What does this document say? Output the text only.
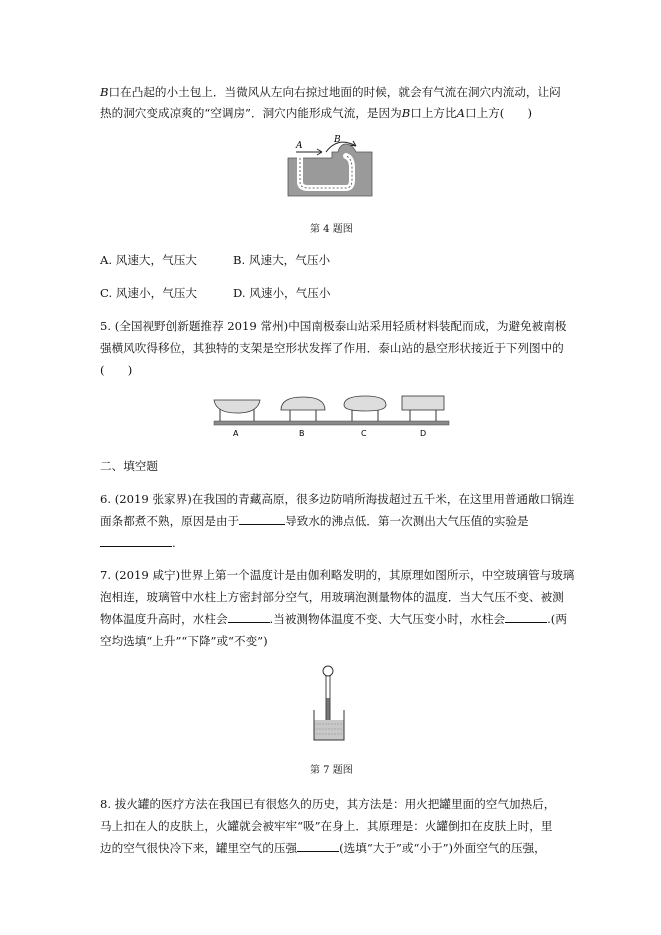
B口在凸起的小土包上．当微风从左向右掠过地面的时候，就会有气流在洞穴内流动，让闷
热的洞穴变成凉爽的“空调房”．洞穴内能形成气流，是因为B口上方比A口上方(　　)
A
B
第 4 题图
A. 风速大，气压大	B. 风速大，气压小
C. 风速小，气压大	D. 风速小，气压小
5. (全国视野创新题推荐 2019 常州)中国南极泰山站采用轻质材料装配而成，为避免被南极
强横风吹得移位，其独特的支架是空形状发挥了作用．泰山站的悬空形状接近于下列图中的
(　　)
A	B	C	D
二、填空题
6. (2019 张家界)在我国的青藏高原，很多边防哨所海拔超过五千米，在这里用普通敞口锅连
面条都煮不熟，原因是由于	导致水的沸点低．第一次测出大气压值的实验是
.
7. (2019 咸宁)世界上第一个温度计是由伽利略发明的，其原理如图所示，中空玻璃管与玻璃
泡相连，玻璃管中水柱上方密封部分空气，用玻璃泡测量物体的温度．当大气压不变、被测
物体温度升高时，水柱会	.当被测物体温度不变、大气压变小时，水柱会	.(两
空均选填“上升”“下降”或“不变”)
第 7 题图
8. 拔火罐的医疗方法在我国已有很悠久的历史，其方法是：用火把罐里面的空气加热后，
马上扣在人的皮肤上，火罐就会被牢牢“吸”在身上．其原理是：火罐倒扣在皮肤上时，里
边的空气很快冷下来，罐里空气的压强	(选填“大于”或“小于”)外面空气的压强，
